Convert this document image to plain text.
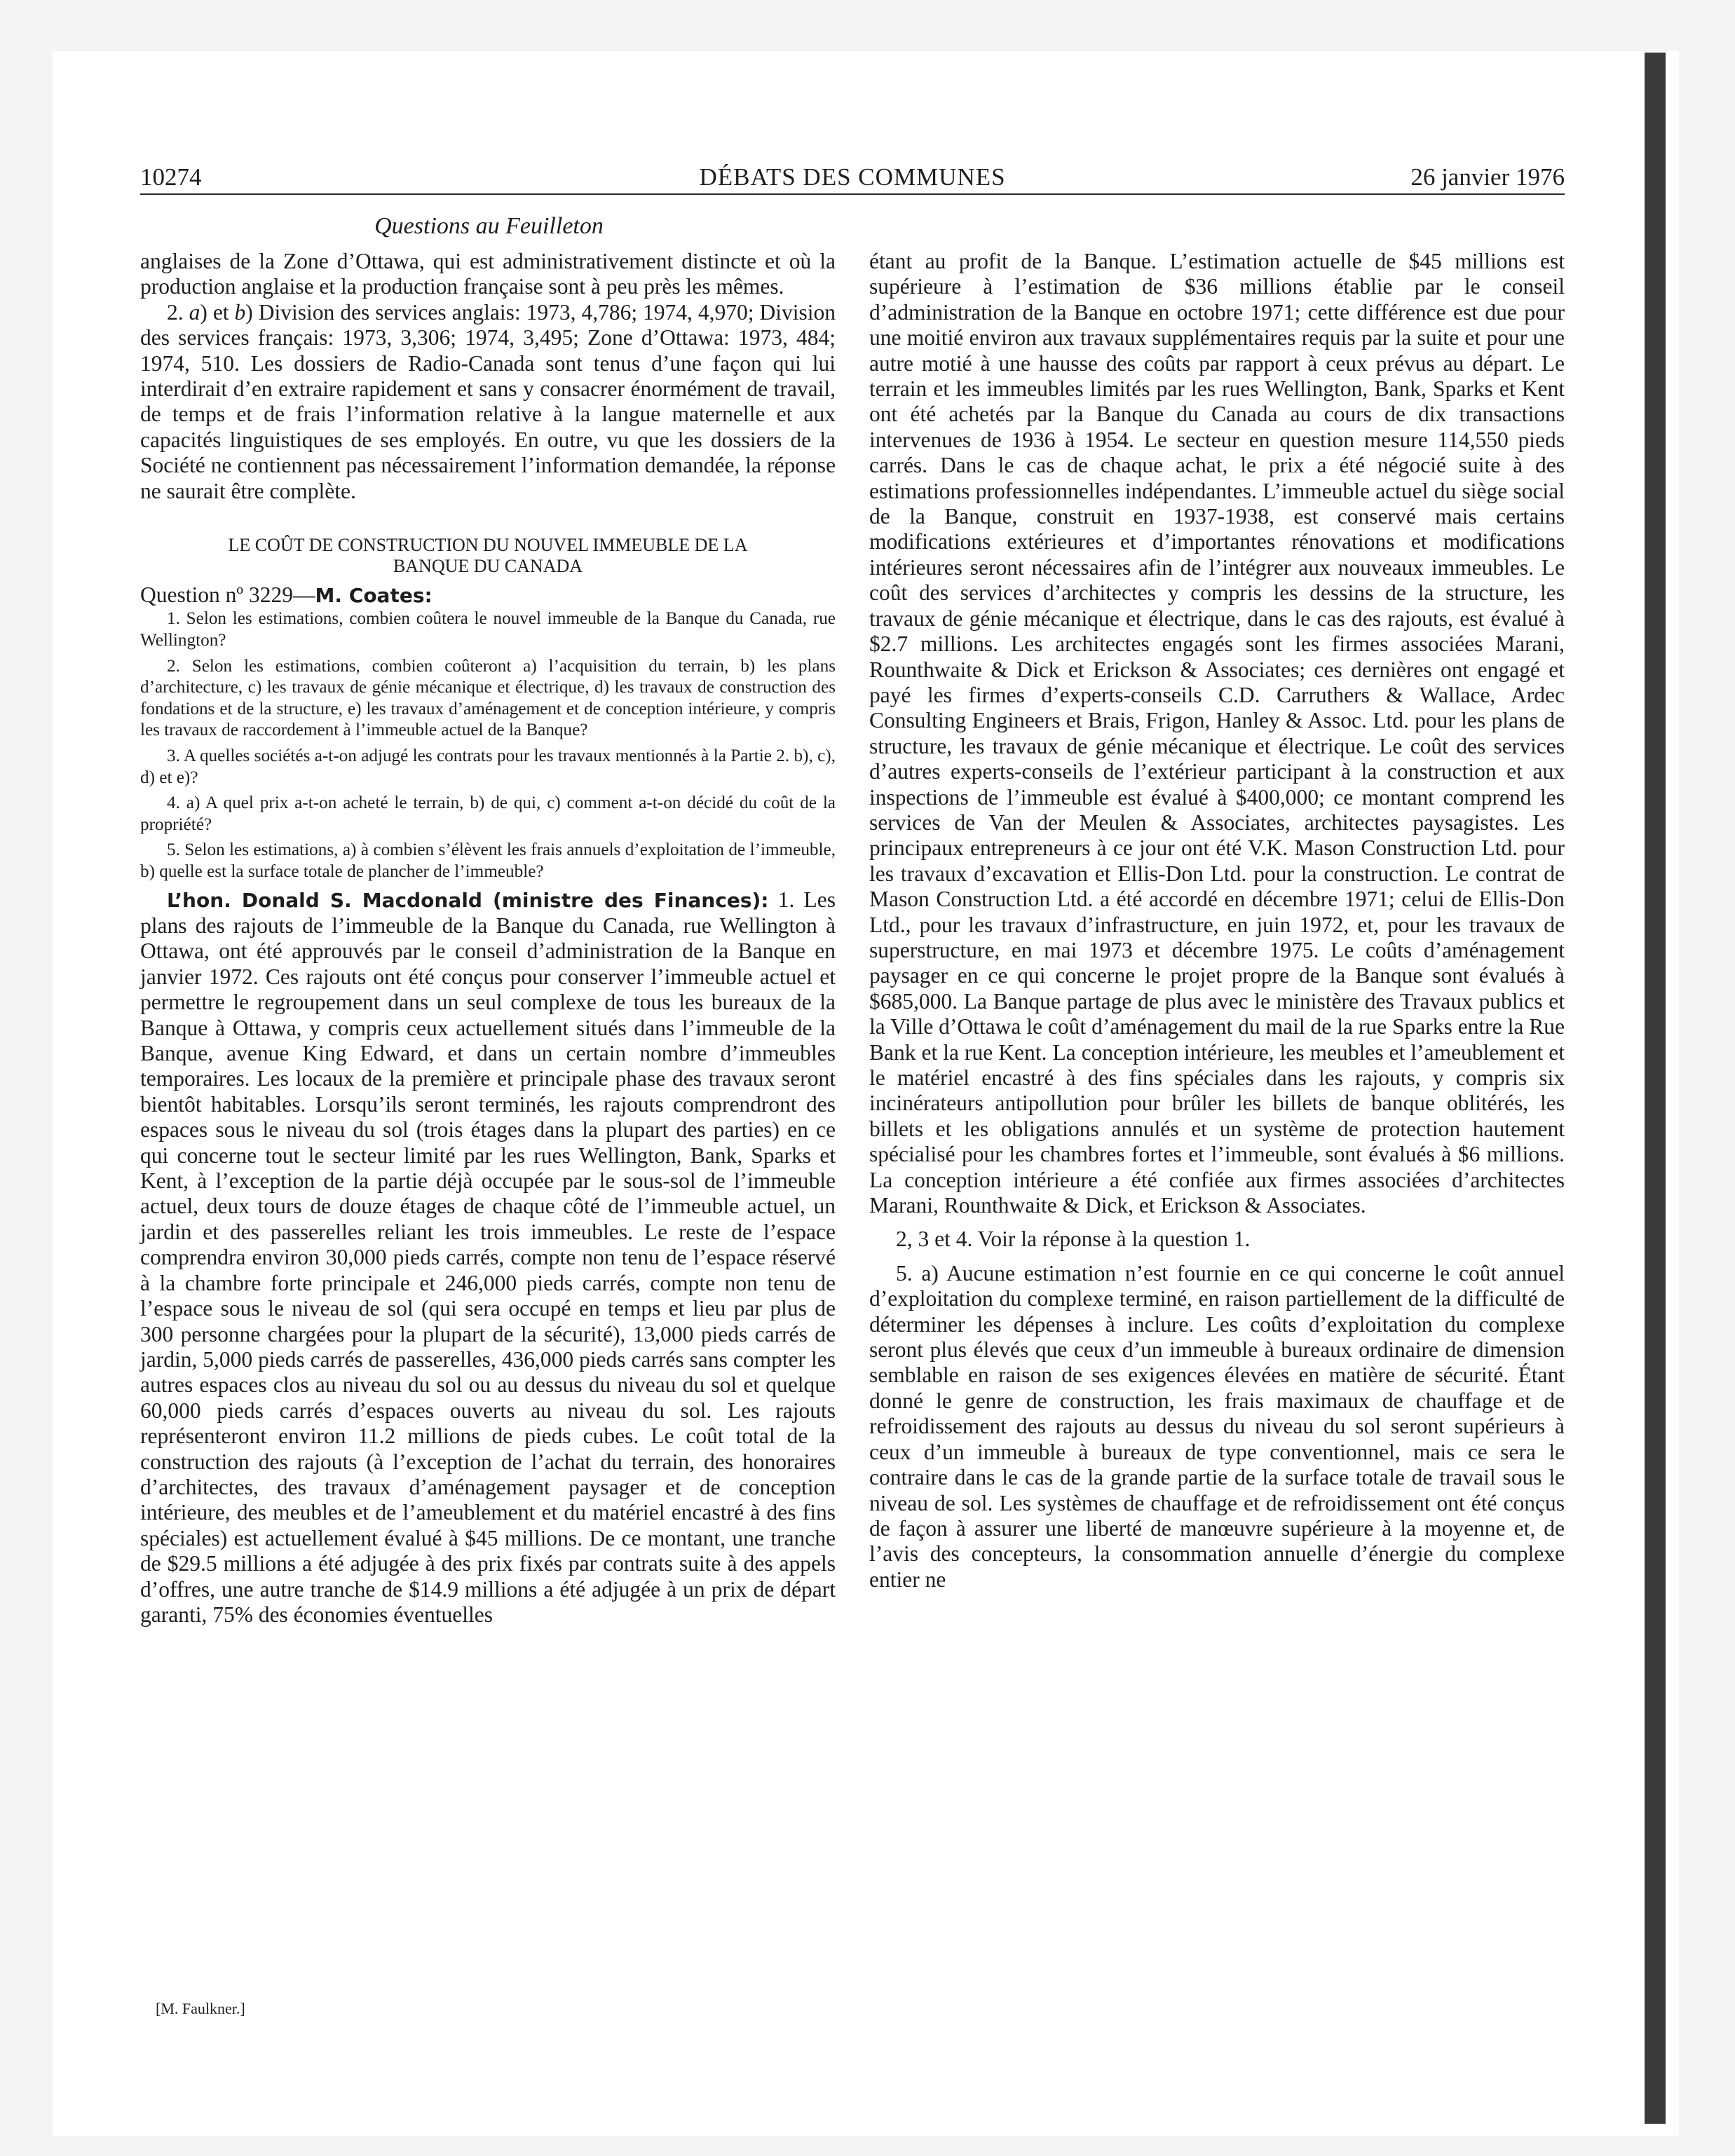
10274	DÉBATS DES COMMUNES	26 janvier 1976
Questions au Feuilleton

anglaises de la Zone d’Ottawa, qui est administrativement distincte et où la production anglaise et la production française sont à peu près les mêmes.

2. a) et b) Division des services anglais: 1973, 4,786; 1974, 4,970; Division des services français: 1973, 3,306; 1974, 3,495; Zone d’Ottawa: 1973, 484; 1974, 510. Les dossiers de Radio-Canada sont tenus d’une façon qui lui interdirait d’en extraire rapidement et sans y consacrer énormément de travail, de temps et de frais l’information relative à la langue maternelle et aux capacités linguistiques de ses employés. En outre, vu que les dossiers de la Société ne contiennent pas nécessairement l’information demandée, la réponse ne saurait être complète.

LE COÛT DE CONSTRUCTION DU NOUVEL IMMEUBLE DE LA
BANQUE DU CANADA

Question nº 3229—M. Coates:

1. Selon les estimations, combien coûtera le nouvel immeuble de la Banque du Canada, rue Wellington?

2. Selon les estimations, combien coûteront a) l’acquisition du terrain, b) les plans d’architecture, c) les travaux de génie mécanique et électrique, d) les travaux de construction des fondations et de la structure, e) les travaux d’aménagement et de conception intérieure, y compris les travaux de raccordement à l’immeuble actuel de la Banque?

3. A quelles sociétés a-t-on adjugé les contrats pour les travaux mentionnés à la Partie 2. b), c), d) et e)?

4. a) A quel prix a-t-on acheté le terrain, b) de qui, c) comment a-t-on décidé du coût de la propriété?

5. Selon les estimations, a) à combien s’élèvent les frais annuels d’exploitation de l’immeuble, b) quelle est la surface totale de plancher de l’immeuble?

L’hon. Donald S. Macdonald (ministre des Finances): 1. Les plans des rajouts de l’immeuble de la Banque du Canada, rue Wellington à Ottawa, ont été approuvés par le conseil d’administration de la Banque en janvier 1972. Ces rajouts ont été conçus pour conserver l’immeuble actuel et permettre le regroupement dans un seul complexe de tous les bureaux de la Banque à Ottawa, y compris ceux actuellement situés dans l’immeuble de la Banque, avenue King Edward, et dans un certain nombre d’immeubles temporaires. Les locaux de la première et principale phase des travaux seront bientôt habitables. Lorsqu’ils seront terminés, les rajouts comprendront des espaces sous le niveau du sol (trois étages dans la plupart des parties) en ce qui concerne tout le secteur limité par les rues Wellington, Bank, Sparks et Kent, à l’exception de la partie déjà occupée par le sous-sol de l’immeuble actuel, deux tours de douze étages de chaque côté de l’immeuble actuel, un jardin et des passerelles reliant les trois immeubles. Le reste de l’espace comprendra environ 30,000 pieds carrés, compte non tenu de l’espace réservé à la chambre forte principale et 246,000 pieds carrés, compte non tenu de l’espace sous le niveau de sol (qui sera occupé en temps et lieu par plus de 300 personne chargées pour la plupart de la sécurité), 13,000 pieds carrés de jardin, 5,000 pieds carrés de passerelles, 436,000 pieds carrés sans compter les autres espaces clos au niveau du sol ou au dessus du niveau du sol et quelque 60,000 pieds carrés d’espaces ouverts au niveau du sol. Les rajouts représenteront environ 11.2 millions de pieds cubes. Le coût total de la construction des rajouts (à l’exception de l’achat du terrain, des honoraires d’architectes, des travaux d’aménagement paysager et de conception intérieure, des meubles et de l’ameublement et du matériel encastré à des fins spéciales) est actuellement évalué à $45 millions. De ce montant, une tranche de $29.5 millions a été adjugée à des prix fixés par contrats suite à des appels d’offres, une autre tranche de $14.9 millions a été adjugée à un prix de départ garanti, 75% des économies éventuelles

étant au profit de la Banque. L’estimation actuelle de $45 millions est supérieure à l’estimation de $36 millions établie par le conseil d’administration de la Banque en octobre 1971; cette différence est due pour une moitié environ aux travaux supplémentaires requis par la suite et pour une autre motié à une hausse des coûts par rapport à ceux prévus au départ. Le terrain et les immeubles limités par les rues Wellington, Bank, Sparks et Kent ont été achetés par la Banque du Canada au cours de dix transactions intervenues de 1936 à 1954. Le secteur en question mesure 114,550 pieds carrés. Dans le cas de chaque achat, le prix a été négocié suite à des estimations professionnelles indépendantes. L’immeuble actuel du siège social de la Banque, construit en 1937-1938, est conservé mais certains modifications extérieures et d’importantes rénovations et modifications intérieures seront nécessaires afin de l’intégrer aux nouveaux immeubles. Le coût des services d’architectes y compris les dessins de la structure, les travaux de génie mécanique et électrique, dans le cas des rajouts, est évalué à $2.7 millions. Les architectes engagés sont les firmes associées Marani, Rounthwaite & Dick et Erickson & Associates; ces dernières ont engagé et payé les firmes d’experts-conseils C.D. Carruthers & Wallace, Ardec Consulting Engineers et Brais, Frigon, Hanley & Assoc. Ltd. pour les plans de structure, les travaux de génie mécanique et électrique. Le coût des services d’autres experts-conseils de l’extérieur participant à la construction et aux inspections de l’immeuble est évalué à $400,000; ce montant comprend les services de Van der Meulen & Associates, architectes paysagistes. Les principaux entrepreneurs à ce jour ont été V.K. Mason Construction Ltd. pour les travaux d’excavation et Ellis-Don Ltd. pour la construction. Le contrat de Mason Construction Ltd. a été accordé en décembre 1971; celui de Ellis-Don Ltd., pour les travaux d’infrastructure, en juin 1972, et, pour les travaux de superstructure, en mai 1973 et décembre 1975. Le coûts d’aménagement paysager en ce qui concerne le projet propre de la Banque sont évalués à $685,000. La Banque partage de plus avec le ministère des Travaux publics et la Ville d’Ottawa le coût d’aménagement du mail de la rue Sparks entre la Rue Bank et la rue Kent. La conception intérieure, les meubles et l’ameublement et le matériel encastré à des fins spéciales dans les rajouts, y compris six incinérateurs antipollution pour brûler les billets de banque oblitérés, les billets et les obligations annulés et un système de protection hautement spécialisé pour les chambres fortes et l’immeuble, sont évalués à $6 millions. La conception intérieure a été confiée aux firmes associées d’architectes Marani, Rounthwaite & Dick, et Erickson & Associates.

2, 3 et 4. Voir la réponse à la question 1.

5. a) Aucune estimation n’est fournie en ce qui concerne le coût annuel d’exploitation du complexe terminé, en raison partiellement de la difficulté de déterminer les dépenses à inclure. Les coûts d’exploitation du complexe seront plus élevés que ceux d’un immeuble à bureaux ordinaire de dimension semblable en raison de ses exigences élevées en matière de sécurité. Étant donné le genre de construction, les frais maximaux de chauffage et de refroidissement des rajouts au dessus du niveau du sol seront supérieurs à ceux d’un immeuble à bureaux de type conventionnel, mais ce sera le contraire dans le cas de la grande partie de la surface totale de travail sous le niveau de sol. Les systèmes de chauffage et de refroidissement ont été conçus de façon à assurer une liberté de manœuvre supérieure à la moyenne et, de l’avis des concepteurs, la consommation annuelle d’énergie du complexe entier ne

[M. Faulkner.]
